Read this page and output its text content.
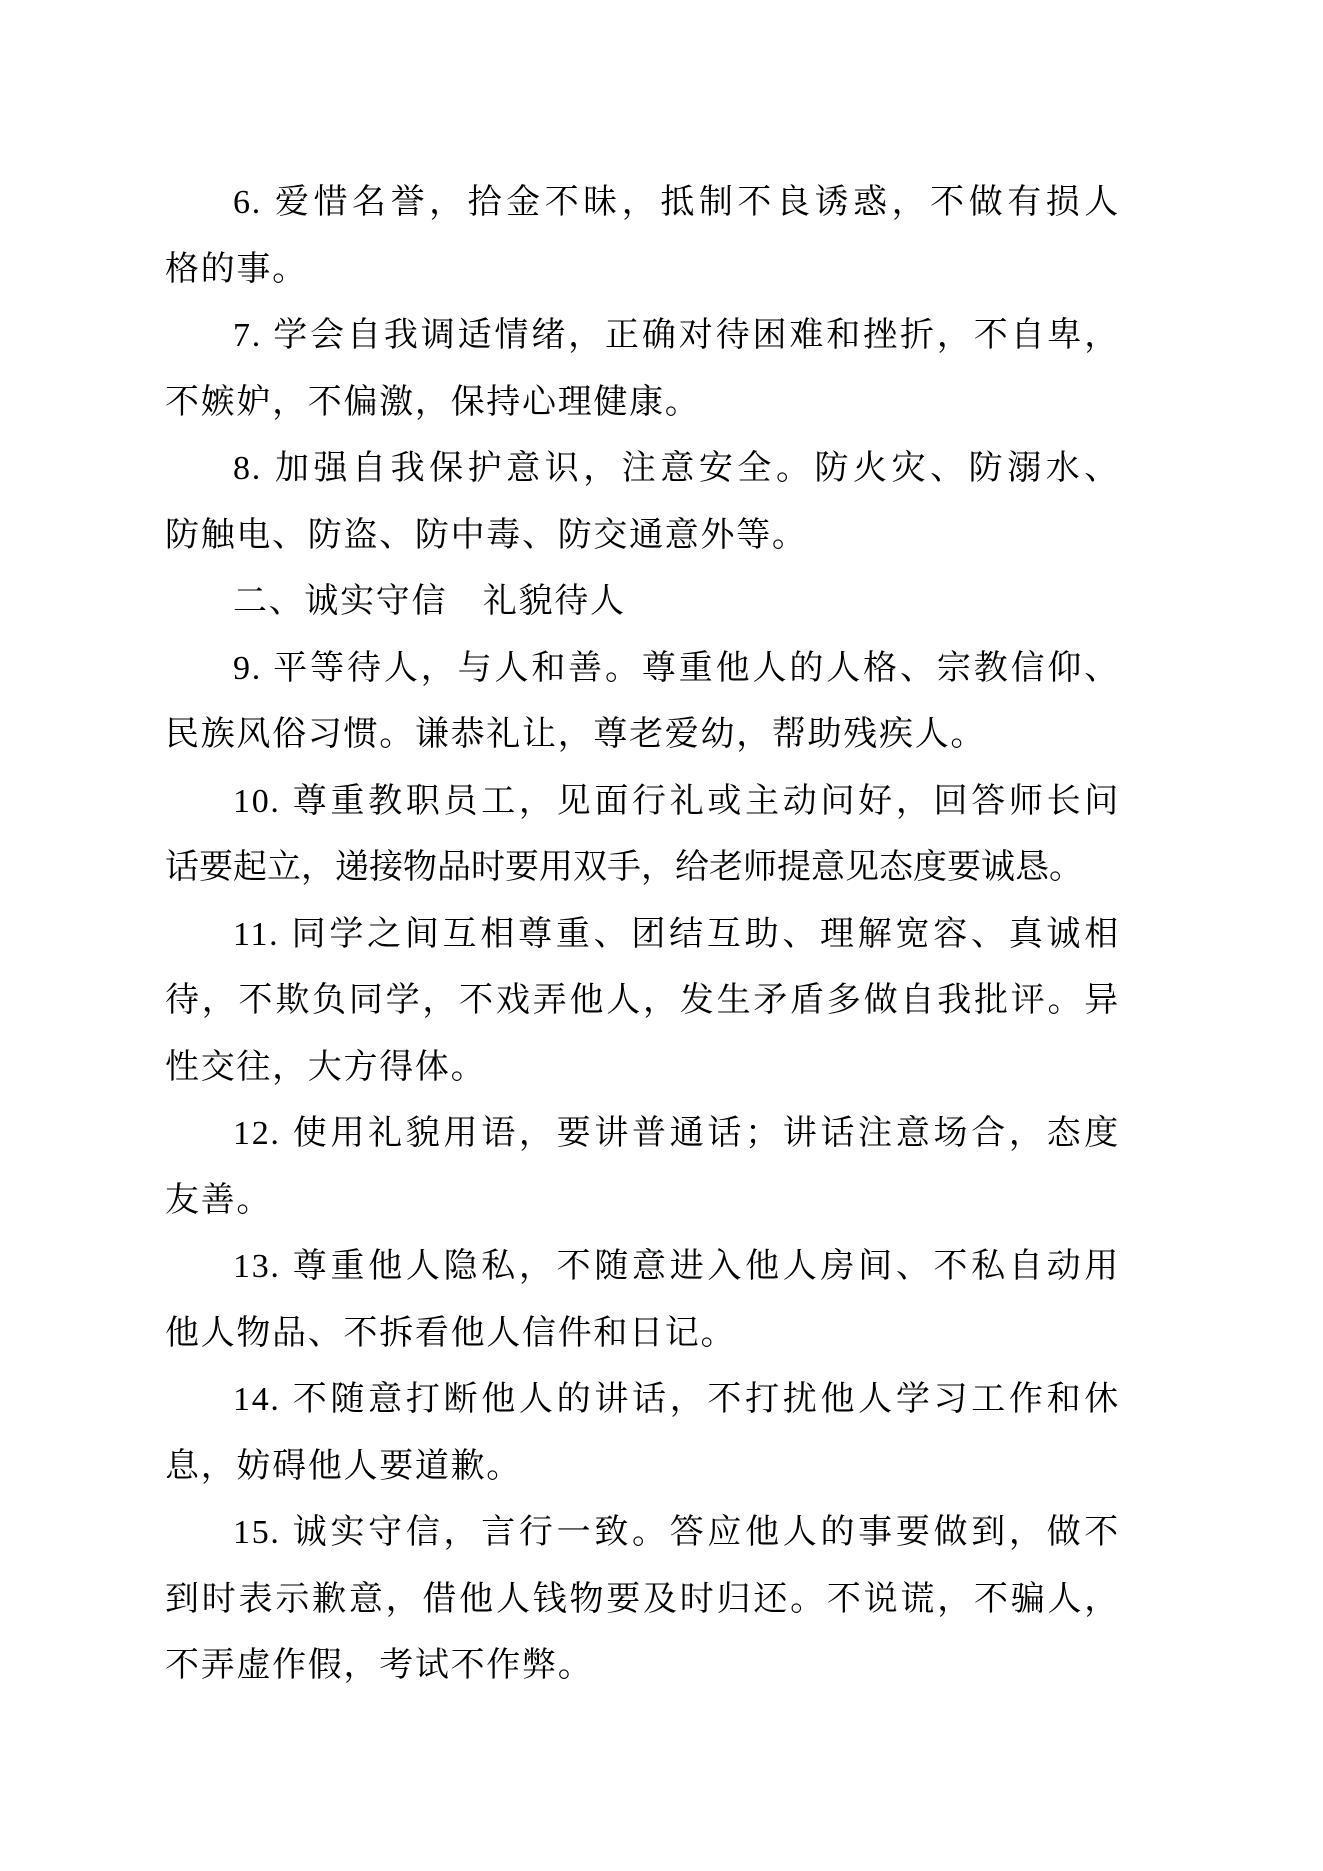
6. 爱惜名誉，拾金不昧，抵制不良诱惑，不做有损人
格的事。
7. 学会自我调适情绪，正确对待困难和挫折，不自卑，
不嫉妒，不偏激，保持心理健康。
8. 加强自我保护意识，注意安全。防火灾、防溺水、
防触电、防盗、防中毒、防交通意外等。
二、诚实守信　礼貌待人
9. 平等待人，与人和善。尊重他人的人格、宗教信仰、
民族风俗习惯。谦恭礼让，尊老爱幼，帮助残疾人。
10. 尊重教职员工，见面行礼或主动问好，回答师长问
话要起立，递接物品时要用双手，给老师提意见态度要诚恳。
11. 同学之间互相尊重、团结互助、理解宽容、真诚相
待，不欺负同学，不戏弄他人，发生矛盾多做自我批评。异
性交往，大方得体。
12. 使用礼貌用语，要讲普通话；讲话注意场合，态度
友善。
13. 尊重他人隐私，不随意进入他人房间、不私自动用
他人物品、不拆看他人信件和日记。
14. 不随意打断他人的讲话，不打扰他人学习工作和休
息，妨碍他人要道歉。
15. 诚实守信，言行一致。答应他人的事要做到，做不
到时表示歉意，借他人钱物要及时归还。不说谎，不骗人，
不弄虚作假，考试不作弊。
